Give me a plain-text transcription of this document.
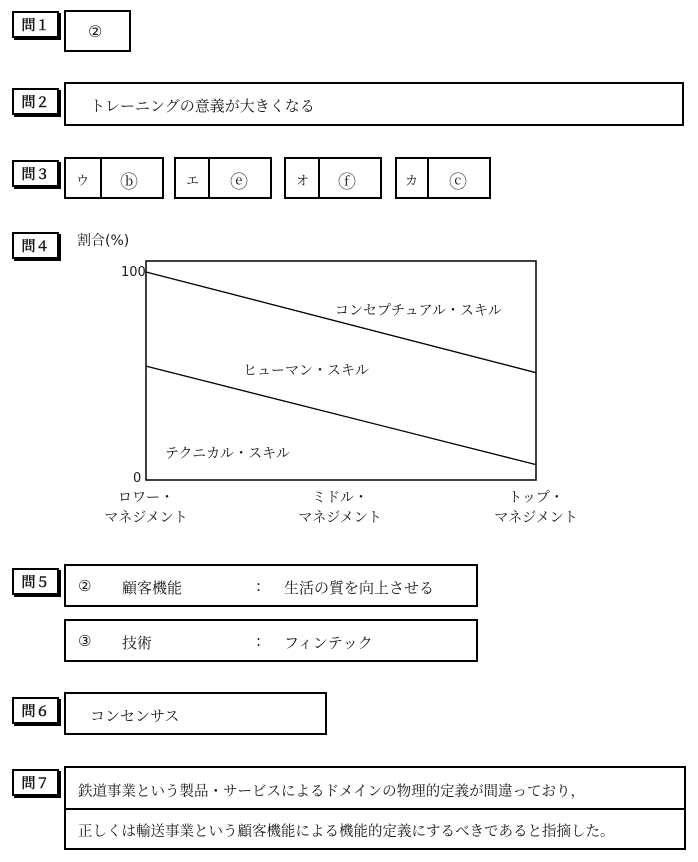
問１	②
問２	トレーニングの意義が大きくなる
問３	ウ ⓑ	エ ⓔ	オ ⓕ	カ ⓒ
問４	割合(%)
100
0
コンセプチュアル・スキル
ヒューマン・スキル
テクニカル・スキル
ロワー・
マネジメント
ミドル・
マネジメント
トップ・
マネジメント
問５	② 顧客機能	: 生活の質を向上させる
③ 技術	: フィンテック
問６	コンセンサス
問７
鉄道事業という製品・サービスによるドメインの物理的定義が間違っており，
正しくは輸送事業という顧客機能による機能的定義にするべきであると指摘した。
